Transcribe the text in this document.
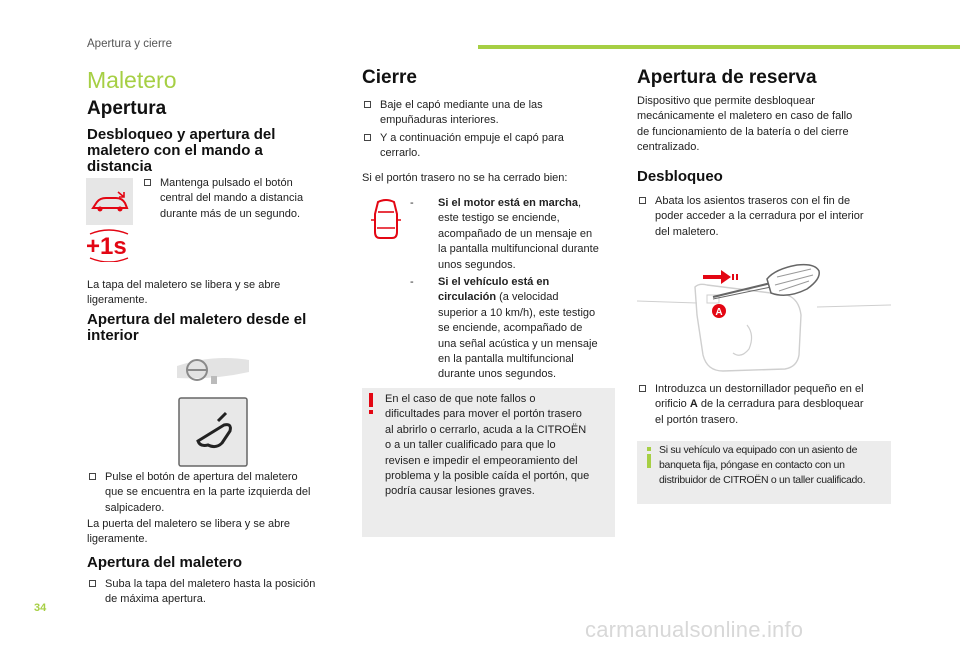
Apertura y cierre
Maletero
Apertura
Desbloqueo y apertura del
maletero con el mando a
distancia

Mantenga pulsado el botón
central del mando a distancia
durante más de un segundo.

+1s

La tapa del maletero se libera y se abre
ligeramente.

Apertura del maletero desde el
interior

Pulse el botón de apertura del maletero
que se encuentra en la parte izquierda del
salpicadero.

La puerta del maletero se libera y se abre
ligeramente.

Apertura del maletero

Suba la tapa del maletero hasta la posición
de máxima apertura.

Cierre

Baje el capó mediante una de las
empuñaduras interiores.

Y a continuación empuje el capó para
cerrarlo.

Si el portón trasero no se ha cerrado bien:

- Si el motor está en marcha,
este testigo se enciende,
acompañado de un mensaje en
la pantalla multifuncional durante
unos segundos.

- Si el vehículo está en
circulación (a velocidad
superior a 10 km/h), este testigo
se enciende, acompañado de
una señal acústica y un mensaje
en la pantalla multifuncional
durante unos segundos.

En el caso de que note fallos o
dificultades para mover el portón trasero
al abrirlo o cerrarlo, acuda a la CITROËN
o a un taller cualificado para que lo
revisen e impedir el empeoramiento del
problema y la posible caída el portón, que
podría causar lesiones graves.

Apertura de reserva

Dispositivo que permite desbloquear
mecánicamente el maletero en caso de fallo
de funcionamiento de la batería o del cierre
centralizado.

Desbloqueo

Abata los asientos traseros con el fin de
poder acceder a la cerradura por el interior
del maletero.

A

Introduzca un destornillador pequeño en el
orificio A de la cerradura para desbloquear
el portón trasero.

Si su vehículo va equipado con un asiento de
banqueta fija, póngase en contacto con un
distribuidor de CITROËN o un taller cualificado.

34
carmanualsonline.info
